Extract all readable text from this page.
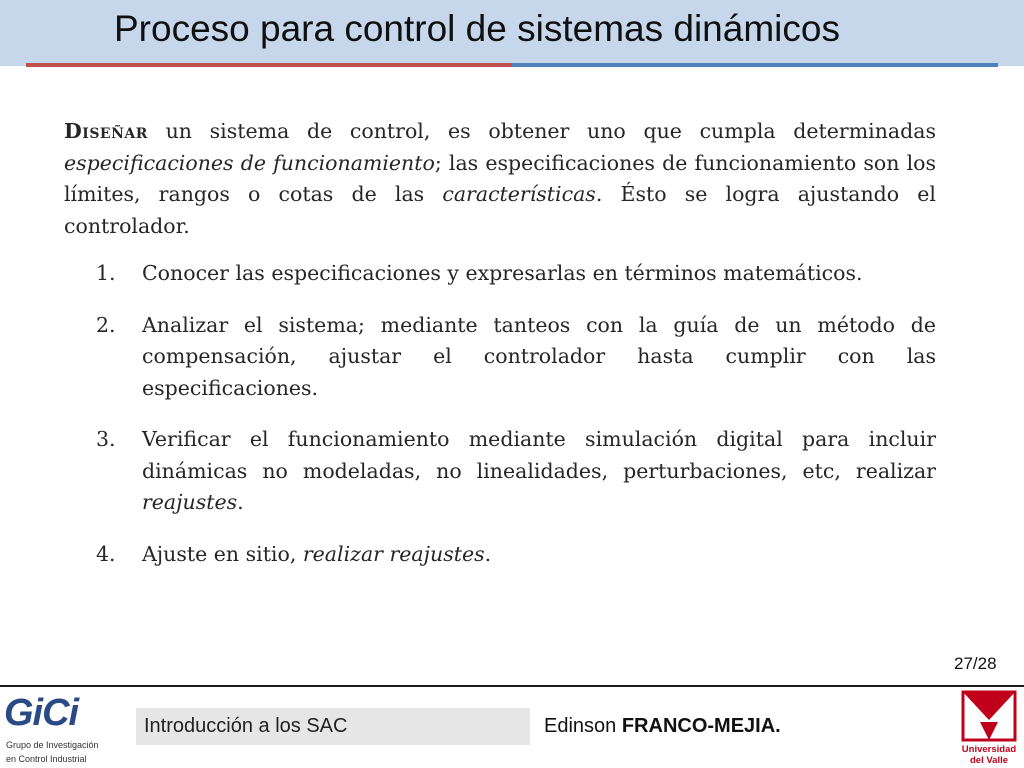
Proceso para control de sistemas dinámicos

Diseñar un sistema de control, es obtener uno que cumpla determinadas especificaciones de funcionamiento; las especificaciones de funcionamiento son los límites, rangos o cotas de las características. Ésto se logra ajustando el controlador.

1. Conocer las especificaciones y expresarlas en términos matemáticos.
2. Analizar el sistema; mediante tanteos con la guía de un método de compensación, ajustar el controlador hasta cumplir con las especificaciones.
3. Verificar el funcionamiento mediante simulación digital para incluir dinámicas no modeladas, no linealidades, perturbaciones, etc, realizar reajustes.
4. Ajuste en sitio, realizar reajustes.
27/28
GiCi
Grupo de Investigación
en Control Industrial
Introducción a los SAC	Edinson FRANCO-MEJIA.
Universidad
del Valle
